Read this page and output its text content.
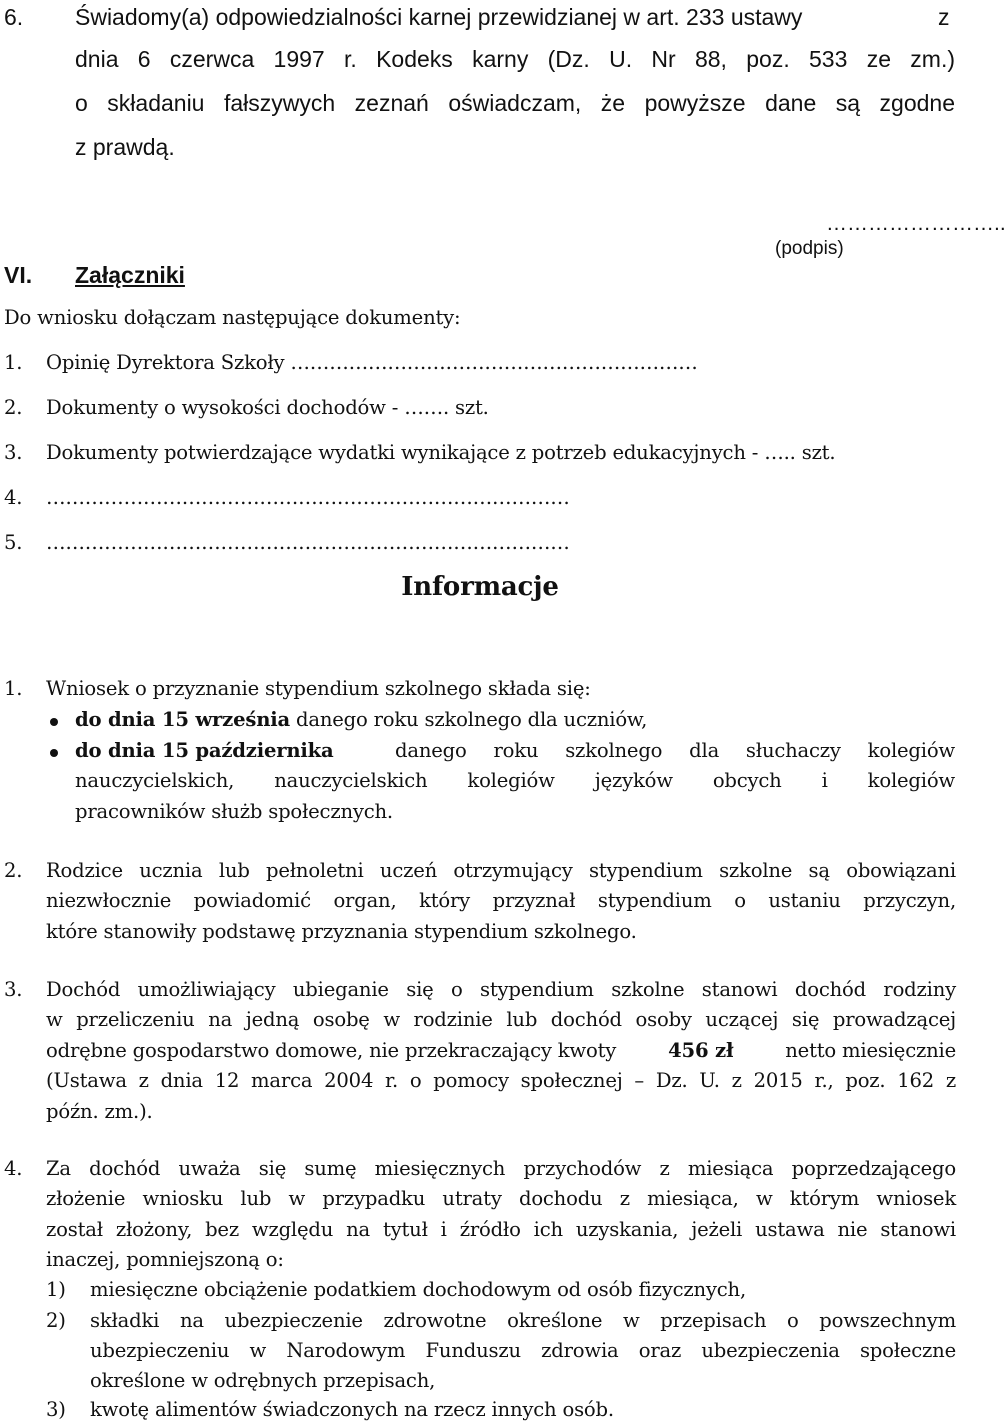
6. Świadomy(a) odpowiedzialności karnej przewidzianej w art. 233 ustawy	z
dnia 6 czerwca 1997 r. Kodeks karny (Dz. U. Nr 88, poz. 533 ze zm.)
o składaniu fałszywych zeznań oświadczam, że powyższe dane są zgodne
z prawdą.
……………………..
(podpis)
VI. Załączniki
Do wniosku dołączam następujące dokumenty:
1. Opinię Dyrektora Szkoły ………………………………………………………
2. Dokumenty o wysokości dochodów - ……. szt.
3. Dokumenty potwierdzające wydatki wynikające z potrzeb edukacyjnych - ….. szt.
4. ………………………………………………………………………
5. ………………………………………………………………………
Informacje
1. Wniosek o przyznanie stypendium szkolnego składa się:
do dnia 15 września danego roku szkolnego dla uczniów,
do dnia 15 października	danego roku szkolnego dla słuchaczy kolegiów
nauczycielskich, nauczycielskich kolegiów języków obcych i kolegiów
pracowników służb społecznych.
2. Rodzice ucznia lub pełnoletni uczeń otrzymujący stypendium szkolne są obowiązani
niezwłocznie powiadomić organ, który przyznał stypendium o ustaniu przyczyn,
które stanowiły podstawę przyznania stypendium szkolnego.
3. Dochód umożliwiający ubieganie się o stypendium szkolne stanowi dochód rodziny
w przeliczeniu na jedną osobę w rodzinie lub dochód osoby uczącej się prowadzącej
odrębne gospodarstwo domowe, nie przekraczający kwoty	456 zł	netto miesięcznie
(Ustawa z dnia 12 marca 2004 r. o pomocy społecznej – Dz. U. z 2015 r., poz. 162 z
późn. zm.).
4. Za dochód uważa się sumę miesięcznych przychodów z miesiąca poprzedzającego
złożenie wniosku lub w przypadku utraty dochodu z miesiąca, w którym wniosek
został złożony, bez względu na tytuł i źródło ich uzyskania, jeżeli ustawa nie stanowi
inaczej, pomniejszoną o:
1) miesięczne obciążenie podatkiem dochodowym od osób fizycznych,
2) składki na ubezpieczenie zdrowotne określone w przepisach o powszechnym
ubezpieczeniu w Narodowym Funduszu zdrowia oraz ubezpieczenia społeczne
określone w odrębnych przepisach,
3) kwotę alimentów świadczonych na rzecz innych osób.
